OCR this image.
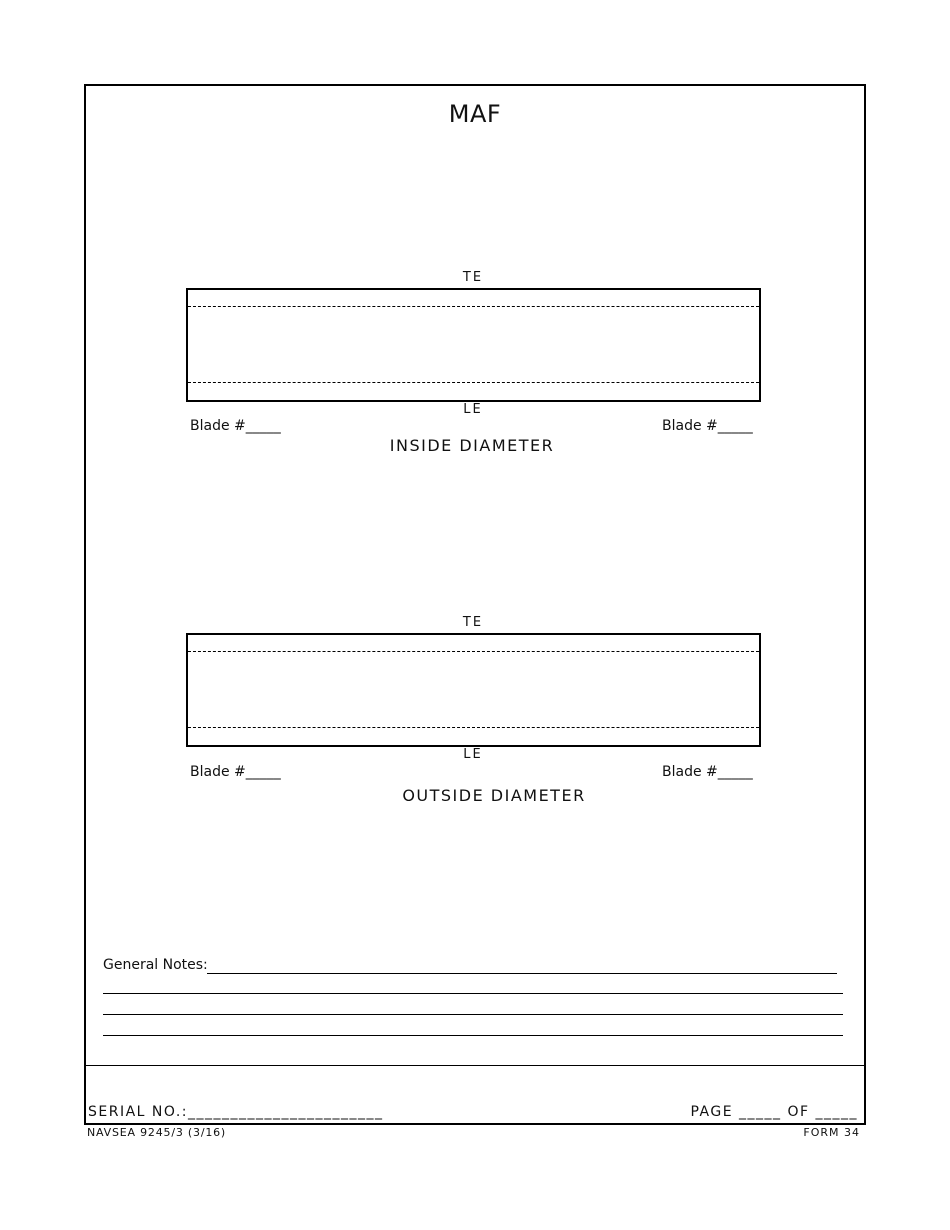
MAF
TE
LE
Blade #_____	Blade #_____
INSIDE DIAMETER
TE
LE
Blade #_____	Blade #_____
OUTSIDE DIAMETER
General Notes:
SERIAL NO.:_______________________	PAGE _____ OF _____
NAVSEA 9245/3 (3/16)	FORM 34
